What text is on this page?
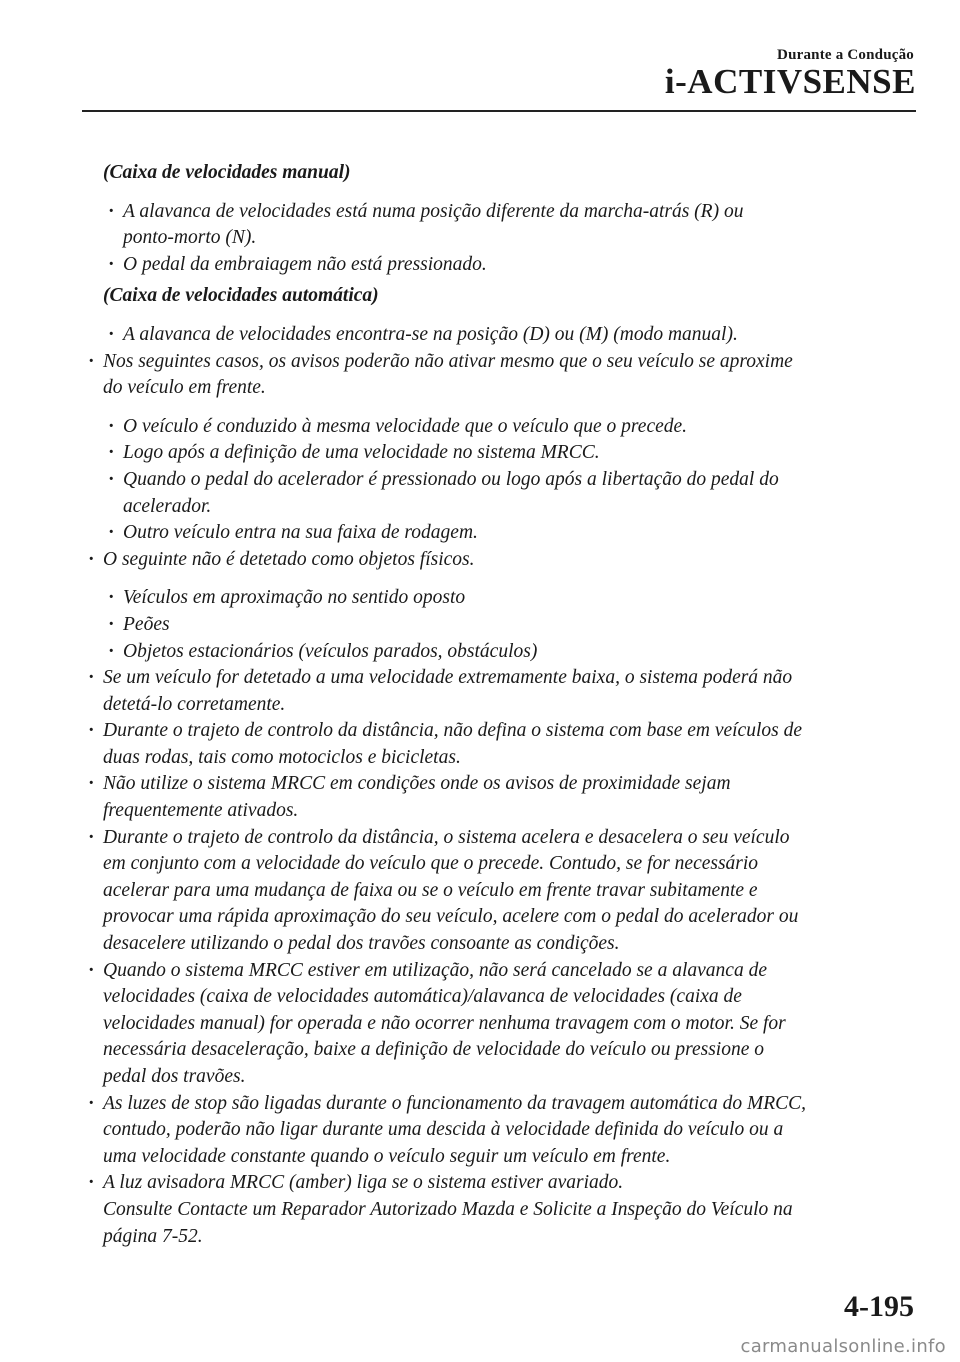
Durante a Condução
i-ACTIVSENSE
(Caixa de velocidades manual)
· A alavanca de velocidades está numa posição diferente da marcha-atrás (R) ou
ponto-morto (N).
· O pedal da embraiagem não está pressionado.
(Caixa de velocidades automática)
· A alavanca de velocidades encontra-se na posição (D) ou (M) (modo manual).
· Nos seguintes casos, os avisos poderão não ativar mesmo que o seu veículo se aproxime
do veículo em frente.
· O veículo é conduzido à mesma velocidade que o veículo que o precede.
· Logo após a definição de uma velocidade no sistema MRCC.
· Quando o pedal do acelerador é pressionado ou logo após a libertação do pedal do
acelerador.
· Outro veículo entra na sua faixa de rodagem.
· O seguinte não é detetado como objetos físicos.
· Veículos em aproximação no sentido oposto
· Peões
· Objetos estacionários (veículos parados, obstáculos)
· Se um veículo for detetado a uma velocidade extremamente baixa, o sistema poderá não
detetá-lo corretamente.
· Durante o trajeto de controlo da distância, não defina o sistema com base em veículos de
duas rodas, tais como motociclos e bicicletas.
· Não utilize o sistema MRCC em condições onde os avisos de proximidade sejam
frequentemente ativados.
· Durante o trajeto de controlo da distância, o sistema acelera e desacelera o seu veículo
em conjunto com a velocidade do veículo que o precede. Contudo, se for necessário
acelerar para uma mudança de faixa ou se o veículo em frente travar subitamente e
provocar uma rápida aproximação do seu veículo, acelere com o pedal do acelerador ou
desacelere utilizando o pedal dos travões consoante as condições.
· Quando o sistema MRCC estiver em utilização, não será cancelado se a alavanca de
velocidades (caixa de velocidades automática)/alavanca de velocidades (caixa de
velocidades manual) for operada e não ocorrer nenhuma travagem com o motor. Se for
necessária desaceleração, baixe a definição de velocidade do veículo ou pressione o
pedal dos travões.
· As luzes de stop são ligadas durante o funcionamento da travagem automática do MRCC,
contudo, poderão não ligar durante uma descida à velocidade definida do veículo ou a
uma velocidade constante quando o veículo seguir um veículo em frente.
· A luz avisadora MRCC (amber) liga se o sistema estiver avariado.
Consulte Contacte um Reparador Autorizado Mazda e Solicite a Inspeção do Veículo na
página 7-52.
4-195
carmanualsonline.info
